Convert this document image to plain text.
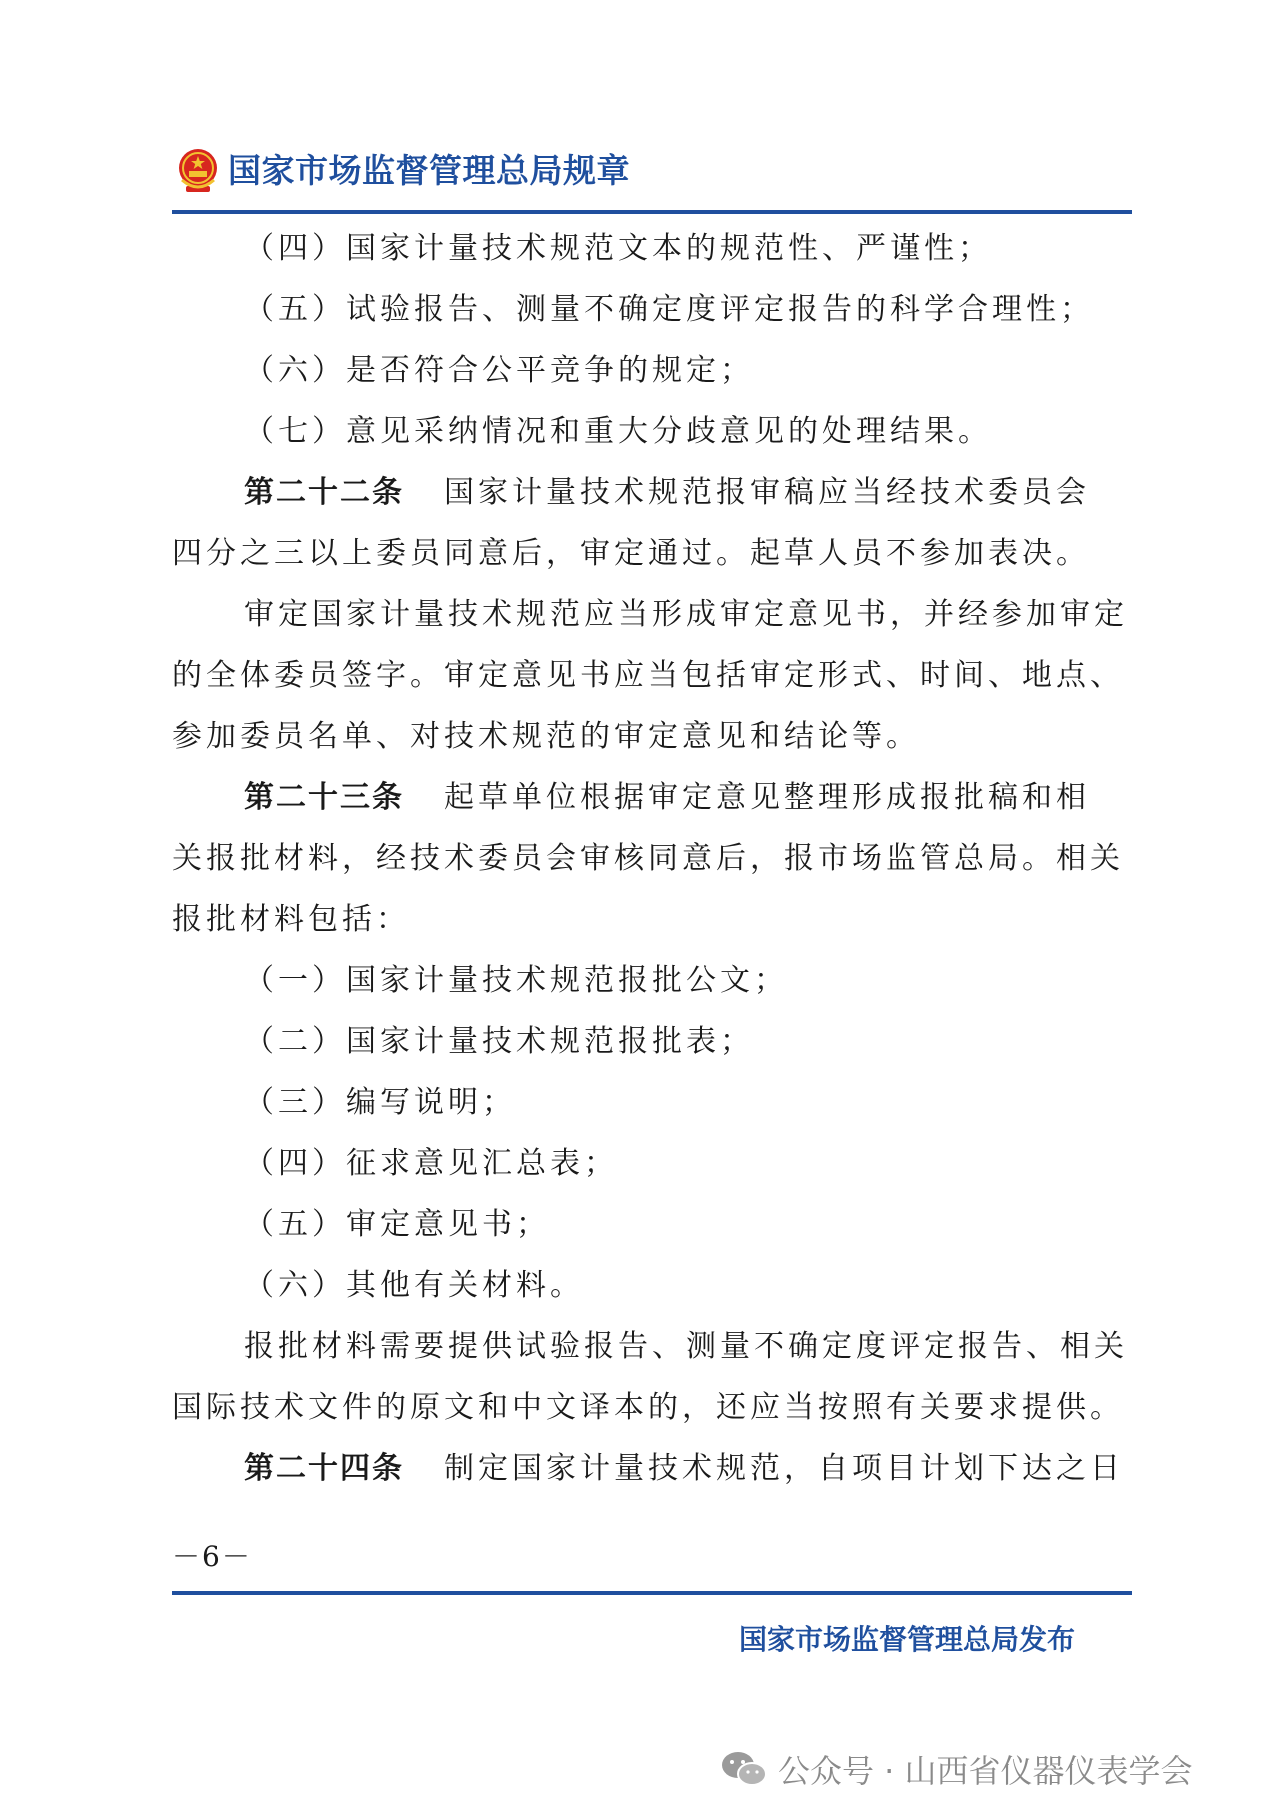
国家市场监督管理总局规章

（四）国家计量技术规范文本的规范性、严谨性；

（五）试验报告、测量不确定度评定报告的科学合理性；

（六）是否符合公平竞争的规定；

（七）意见采纳情况和重大分歧意见的处理结果。

第二十二条 国家计量技术规范报审稿应当经技术委员会

四分之三以上委员同意后，审定通过。起草人员不参加表决。

审定国家计量技术规范应当形成审定意见书，并经参加审定

的全体委员签字。审定意见书应当包括审定形式、时间、地点、

参加委员名单、对技术规范的审定意见和结论等。

第二十三条 起草单位根据审定意见整理形成报批稿和相

关报批材料，经技术委员会审核同意后，报市场监管总局。相关

报批材料包括：

（一）国家计量技术规范报批公文；

（二）国家计量技术规范报批表；

（三）编写说明；

（四）征求意见汇总表；

（五）审定意见书；

（六）其他有关材料。

报批材料需要提供试验报告、测量不确定度评定报告、相关

国际技术文件的原文和中文译本的，还应当按照有关要求提供。

第二十四条 制定国家计量技术规范，自项目计划下达之日

－6－
国家市场监督管理总局发布
公众号 · 山西省仪器仪表学会
